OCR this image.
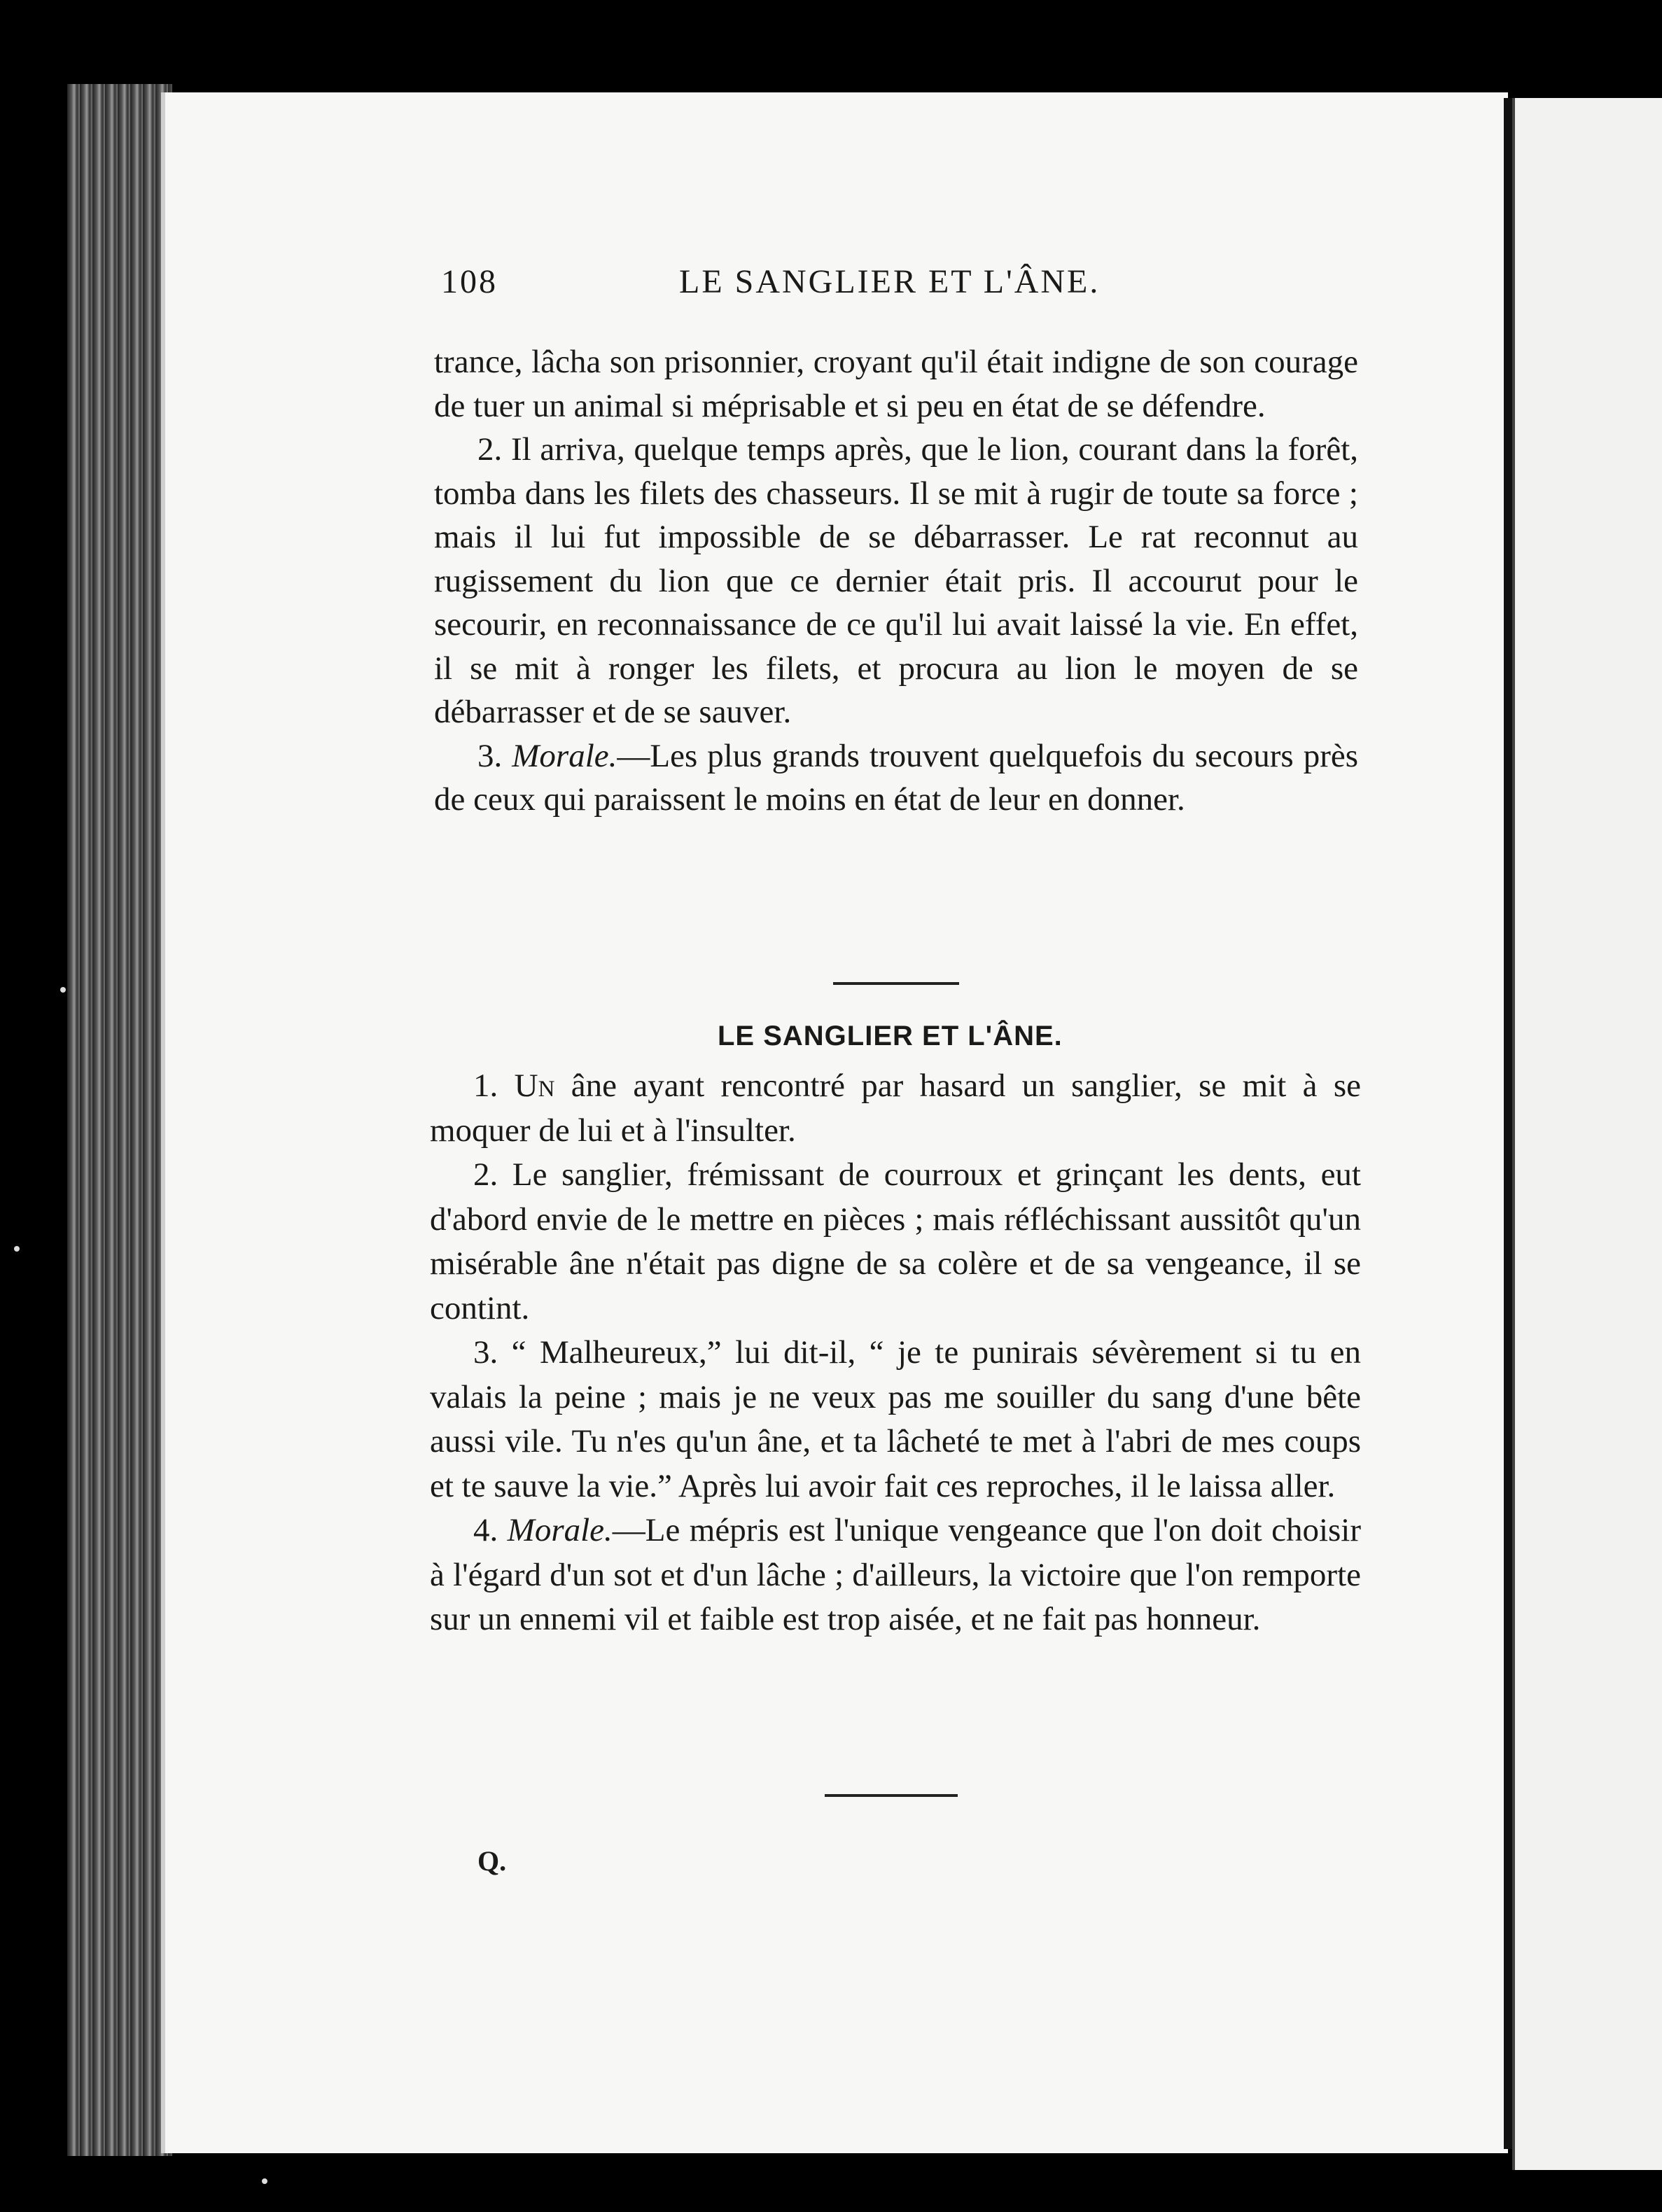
108	LE SANGLIER ET L'ÂNE.

trance, lâcha son prisonnier, croyant qu'il était indigne de son courage de tuer un animal si méprisable et si peu en état de se défendre.

2. Il arriva, quelque temps après, que le lion, courant dans la forêt, tomba dans les filets des chasseurs. Il se mit à rugir de toute sa force ; mais il lui fut impossible de se débarrasser. Le rat reconnut au rugissement du lion que ce dernier était pris. Il accourut pour le secourir, en reconnaissance de ce qu'il lui avait laissé la vie. En effet, il se mit à ronger les filets, et procura au lion le moyen de se débarrasser et de se sauver.

3. Morale.—Les plus grands trouvent quelquefois du secours près de ceux qui paraissent le moins en état de leur en donner.

LE SANGLIER ET L'ÂNE.

1. Un âne ayant rencontré par hasard un sanglier, se mit à se moquer de lui et à l'insulter.

2. Le sanglier, frémissant de courroux et grinçant les dents, eut d'abord envie de le mettre en pièces ; mais réfléchissant aussitôt qu'un misérable âne n'était pas digne de sa colère et de sa vengeance, il se contint.

3. “ Malheureux,” lui dit-il, “ je te punirais sévèrement si tu en valais la peine ; mais je ne veux pas me souiller du sang d'une bête aussi vile. Tu n'es qu'un âne, et ta lâcheté te met à l'abri de mes coups et te sauve la vie.” Après lui avoir fait ces reproches, il le laissa aller.

4. Morale.—Le mépris est l'unique vengeance que l'on doit choisir à l'égard d'un sot et d'un lâche ; d'ailleurs, la victoire que l'on remporte sur un ennemi vil et faible est trop aisée, et ne fait pas honneur.

Q.
